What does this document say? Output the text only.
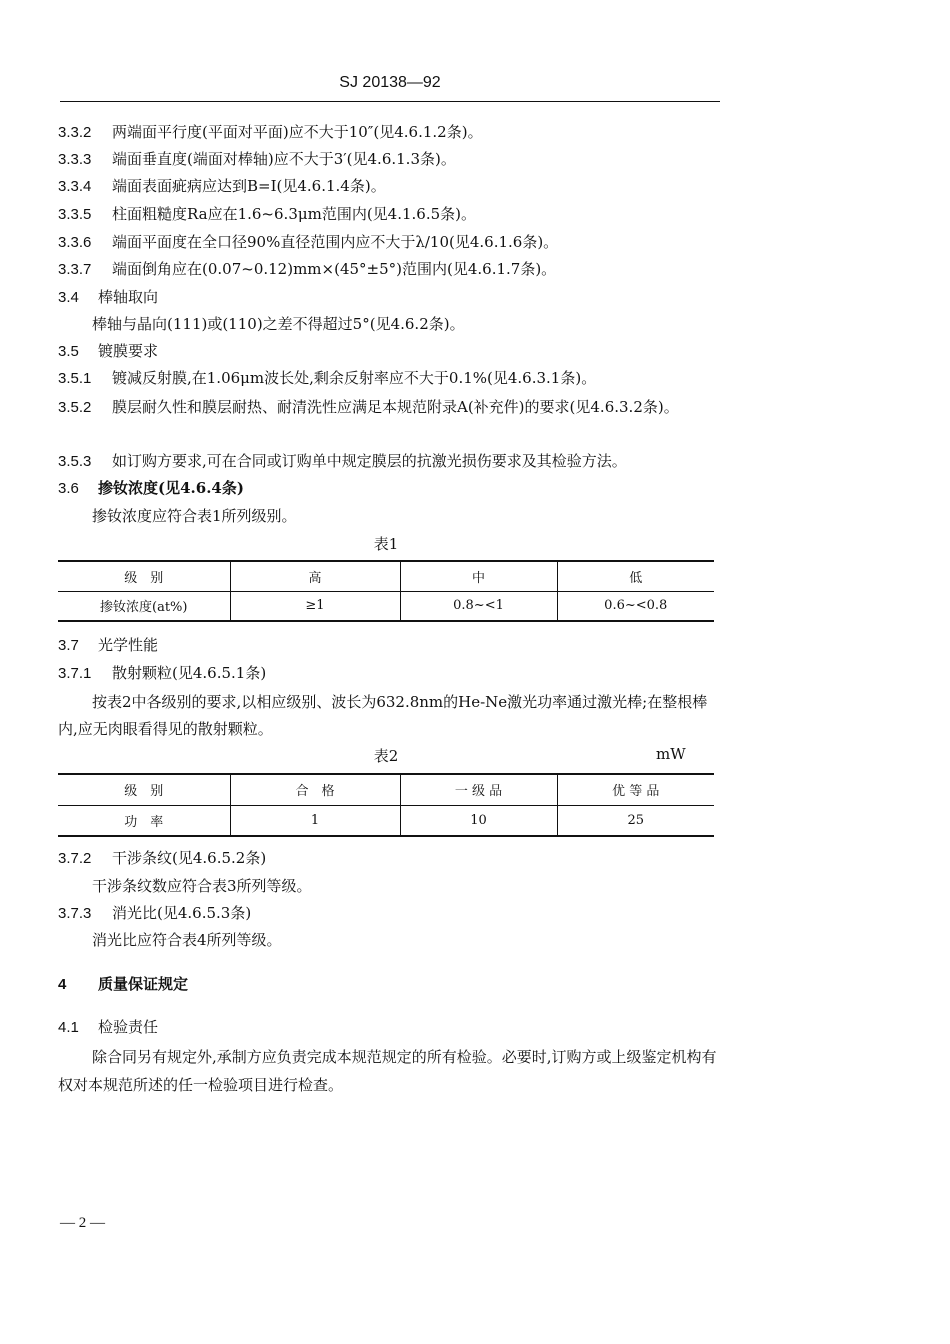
SJ 20138—92
3.3.2 两端面平行度(平面对平面)应不大于10″(见4.6.1.2条)。
3.3.3 端面垂直度(端面对棒轴)应不大于3′(见4.6.1.3条)。
3.3.4 端面表面疵病应达到B=Ⅰ(见4.6.1.4条)。
3.3.5 柱面粗糙度Ra应在1.6~6.3μm范围内(见4.1.6.5条)。
3.3.6 端面平面度在全口径90%直径范围内应不大于λ/10(见4.6.1.6条)。
3.3.7 端面倒角应在(0.07~0.12)mm×(45°±5°)范围内(见4.6.1.7条)。
3.4 棒轴取向
棒轴与晶向(111)或(110)之差不得超过5°(见4.6.2条)。
3.5 镀膜要求
3.5.1 镀减反射膜,在1.06μm波长处,剩余反射率应不大于0.1%(见4.6.3.1条)。
3.5.2 膜层耐久性和膜层耐热、耐清洗性应满足本规范附录A(补充件)的要求(见4.6.3.2条)。
3.5.3 如订购方要求,可在合同或订购单中规定膜层的抗激光损伤要求及其检验方法。
3.6 掺钕浓度(见4.6.4条)
掺钕浓度应符合表1所列级别。
表1
级　别	高	中	低
掺钕浓度(at%)	≥1	0.8~<1	0.6~<0.8
3.7 光学性能
3.7.1 散射颗粒(见4.6.5.1条)
按表2中各级别的要求,以相应级别、波长为632.8nm的He-Ne激光功率通过激光棒;在整根棒内,应无肉眼看得见的散射颗粒。
表2	mW
级　别	合　格	一 级 品	优 等 品
功　率	1	10	25
3.7.2 干涉条纹(见4.6.5.2条)
干涉条纹数应符合表3所列等级。
3.7.3 消光比(见4.6.5.3条)
消光比应符合表4所列等级。
4 质量保证规定
4.1 检验责任
除合同另有规定外,承制方应负责完成本规范规定的所有检验。必要时,订购方或上级鉴定机构有权对本规范所述的任一检验项目进行检查。
— 2 —
